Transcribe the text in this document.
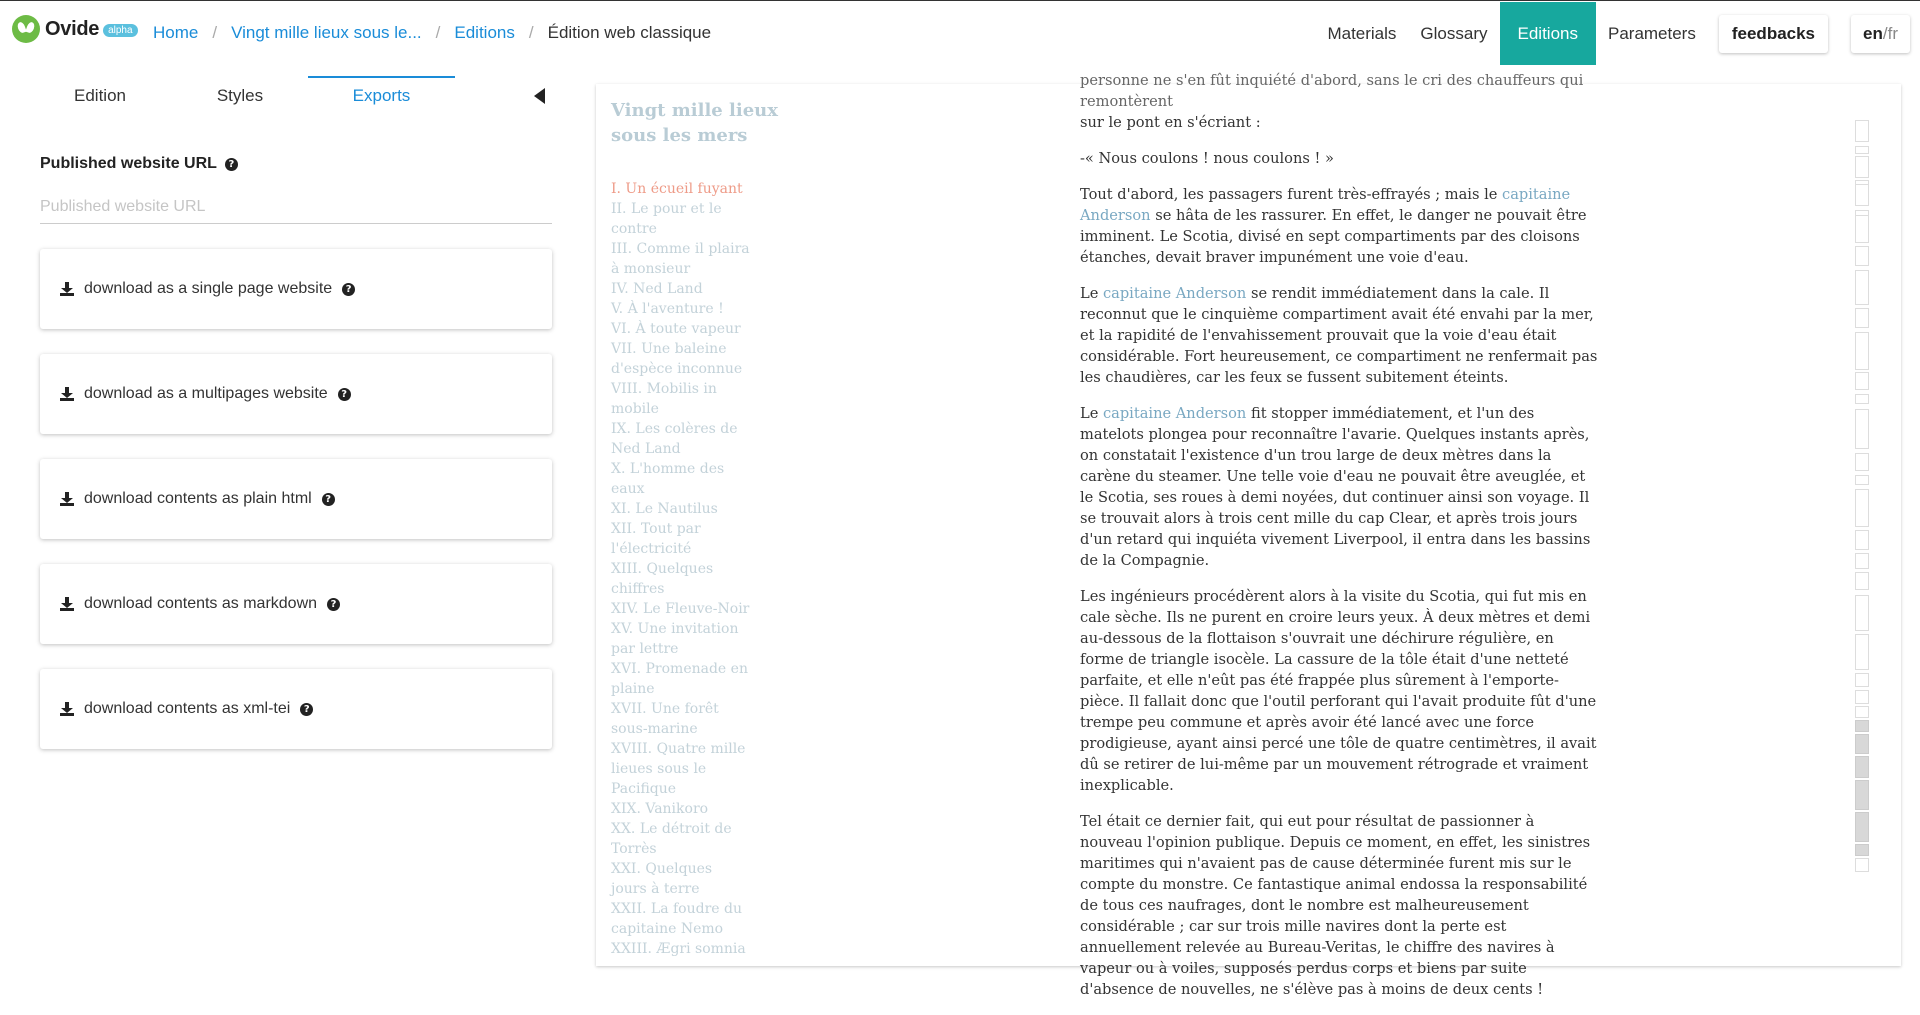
Ovide alpha Home / Vingt mille lieux sous le... / Editions / Édition web classique	Materials	Glossary	Editions	Parameters	feedbacks	en / fr
Edition	Styles	Exports
Published website URL	?
Published website URL
download as a single page website	?
download as a multipages website	?
download contents as plain html	?
download contents as markdown	?
download contents as xml-tei	?
Vingt mille lieux sous les mers
I. Un écueil fuyant
II. Le pour et le contre
III. Comme il plaira à monsieur
IV. Ned Land
V. À l'aventure !
VI. À toute vapeur
VII. Une baleine d'espèce inconnue
VIII. Mobilis in mobile
IX. Les colères de Ned Land
X. L'homme des eaux
XI. Le Nautilus
XII. Tout par l'électricité
XIII. Quelques chiffres
XIV. Le Fleuve-Noir
XV. Une invitation par lettre
XVI. Promenade en plaine
XVII. Une forêt sous-marine
XVIII. Quatre mille lieues sous le Pacifique
XIX. Vanikoro
XX. Le détroit de Torrès
XXI. Quelques jours à terre
XXII. La foudre du capitaine Nemo
XXIII. Ægri somnia

personne ne s'en fût inquiété d'abord, sans le cri des chauffeurs qui remontèrent
sur le pont en s'écriant :

-« Nous coulons ! nous coulons ! »

Tout d'abord, les passagers furent très-effrayés ; mais le capitaine Anderson se hâta de les rassurer. En effet, le danger ne pouvait être imminent. Le Scotia, divisé en sept compartiments par des cloisons étanches, devait braver impunément une voie d'eau.

Le capitaine Anderson se rendit immédiatement dans la cale. Il reconnut que le cinquième compartiment avait été envahi par la mer, et la rapidité de l'envahissement prouvait que la voie d'eau était considérable. Fort heureusement, ce compartiment ne renfermait pas les chaudières, car les feux se fussent subitement éteints.

Le capitaine Anderson fit stopper immédiatement, et l'un des matelots plongea pour reconnaître l'avarie. Quelques instants après, on constatait l'existence d'un trou large de deux mètres dans la carène du steamer. Une telle voie d'eau ne pouvait être aveuglée, et le Scotia, ses roues à demi noyées, dut continuer ainsi son voyage. Il se trouvait alors à trois cent mille du cap Clear, et après trois jours d'un retard qui inquiéta vivement Liverpool, il entra dans les bassins de la Compagnie.

Les ingénieurs procédèrent alors à la visite du Scotia, qui fut mis en cale sèche. Ils ne purent en croire leurs yeux. À deux mètres et demi au-dessous de la flottaison s'ouvrait une déchirure régulière, en forme de triangle isocèle. La cassure de la tôle était d'une netteté parfaite, et elle n'eût pas été frappée plus sûrement à l'emporte-pièce. Il fallait donc que l'outil perforant qui l'avait produite fût d'une trempe peu commune et après avoir été lancé avec une force prodigieuse, ayant ainsi percé une tôle de quatre centimètres, il avait dû se retirer de lui-même par un mouvement rétrograde et vraiment inexplicable.

Tel était ce dernier fait, qui eut pour résultat de passionner à nouveau l'opinion publique. Depuis ce moment, en effet, les sinistres maritimes qui n'avaient pas de cause déterminée furent mis sur le compte du monstre. Ce fantastique animal endossa la responsabilité de tous ces naufrages, dont le nombre est malheureusement considérable ; car sur trois mille navires dont la perte est annuellement relevée au Bureau-Veritas, le chiffre des navires à vapeur ou à voiles, supposés perdus corps et biens par suite d'absence de nouvelles, ne s'élève pas à moins de deux cents !
